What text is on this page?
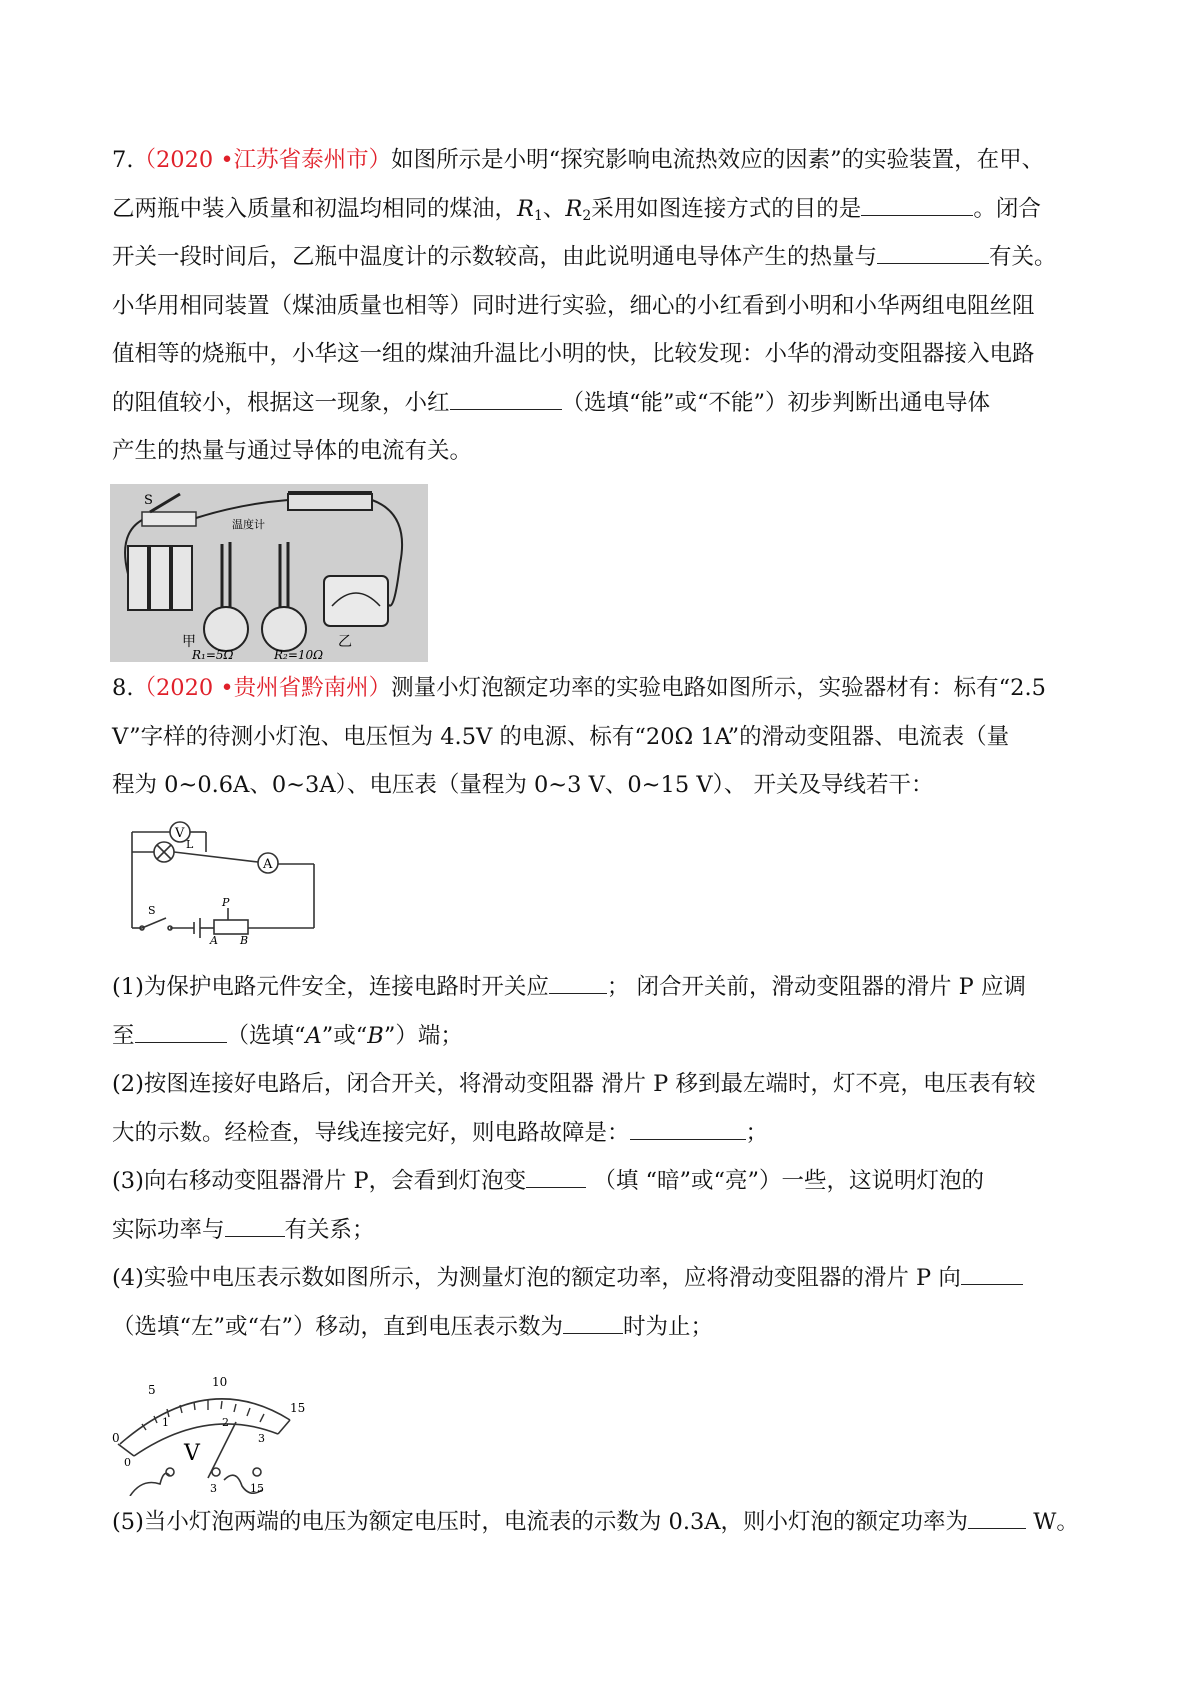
7.（2020 •江苏省泰州市）如图所示是小明“探究影响电流热效应的因素”的实验装置，在甲、
乙两瓶中装入质量和初温均相同的煤油，R1、R2采用如图连接方式的目的是	。闭合
开关一段时间后，乙瓶中温度计的示数较高，由此说明通电导体产生的热量与	有关。
小华用相同装置（煤油质量也相等）同时进行实验，细心的小红看到小明和小华两组电阻丝阻
值相等的烧瓶中，小华这一组的煤油升温比小明的快，比较发现：小华的滑动变阻器接入电路
的阻值较小，根据这一现象，小红	（选填“能”或“不能”）初步判断出通电导体
产生的热量与通过导体的电流有关。
S
温度计
甲	乙
R₁=5Ω	R₂=10Ω
8.（2020 •贵州省黔南州）测量小灯泡额定功率的实验电路如图所示，实验器材有：标有“2.5
V”字样的待测小灯泡、电压恒为 4.5V 的电源、标有“20Ω 1A”的滑动变阻器、电流表（量
程为 0~0.6A、0~3A）、电压表（量程为 0~3 V、0~15 V）、 开关及导线若干：
V
A
L
S
P
A B
(1)为保护电路元件安全，连接电路时开关应	； 闭合开关前，滑动变阻器的滑片 P 应调
至	（选填“A”或“B”）端；
(2)按图连接好电路后，闭合开关，将滑动变阻器 滑片 P 移到最左端时，灯不亮，电压表有较
大的示数。经检查，导线连接完好，则电路故障是：	；
(3)向右移动变阻器滑片 P，会看到灯泡变	（填 “暗”或“亮”）一些，这说明灯泡的
实际功率与	有关系；
(4)实验中电压表示数如图所示，为测量灯泡的额定功率，应将滑动变阻器的滑片 P 向
（选填“左”或“右”）移动，直到电压表示数为	时为止；
0
5
10
15
0
1	2
3
V
3	15
(5)当小灯泡两端的电压为额定电压时，电流表的示数为 0.3A，则小灯泡的额定功率为	W。
